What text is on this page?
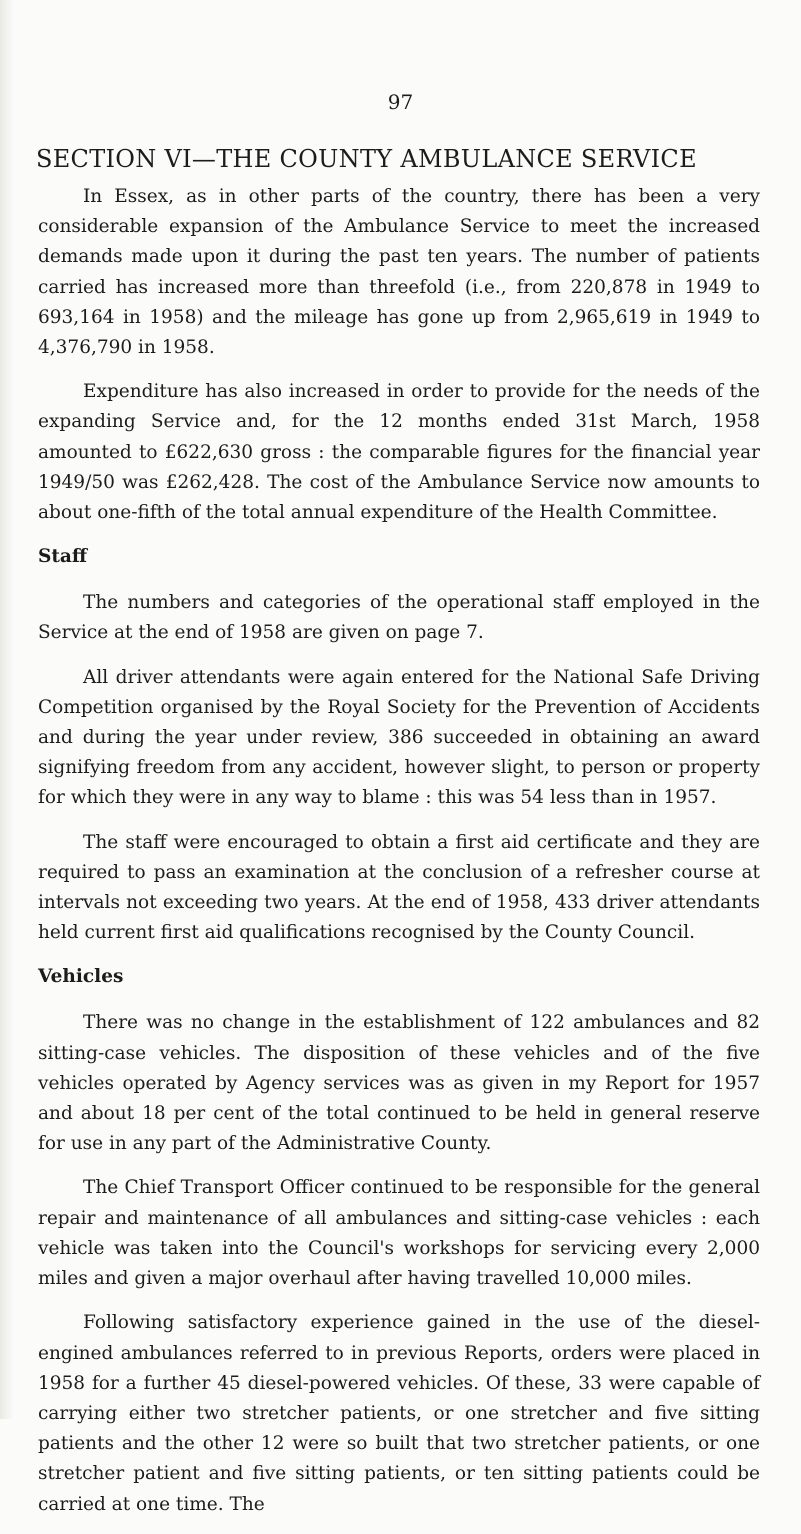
97
SECTION VI—THE COUNTY AMBULANCE SERVICE

In Essex, as in other parts of the country, there has been a very considerable expansion of the Ambulance Service to meet the increased demands made upon it during the past ten years. The number of patients carried has increased more than threefold (i.e., from 220,878 in 1949 to 693,164 in 1958) and the mileage has gone up from 2,965,619 in 1949 to 4,376,790 in 1958.

Expenditure has also increased in order to provide for the needs of the expanding Service and, for the 12 months ended 31st March, 1958 amounted to £622,630 gross : the comparable figures for the financial year 1949/50 was £262,428. The cost of the Ambulance Service now amounts to about one-fifth of the total annual expenditure of the Health Committee.

Staff

The numbers and categories of the operational staff employed in the Service at the end of 1958 are given on page 7.

All driver attendants were again entered for the National Safe Driving Competition organised by the Royal Society for the Prevention of Accidents and during the year under review, 386 succeeded in obtaining an award signifying freedom from any accident, however slight, to person or property for which they were in any way to blame : this was 54 less than in 1957.

The staff were encouraged to obtain a first aid certificate and they are required to pass an examination at the conclusion of a refresher course at intervals not exceeding two years. At the end of 1958, 433 driver attendants held current first aid qualifications recognised by the County Council.

Vehicles

There was no change in the establishment of 122 ambulances and 82 sitting-case vehicles. The disposition of these vehicles and of the five vehicles operated by Agency services was as given in my Report for 1957 and about 18 per cent of the total continued to be held in general reserve for use in any part of the Administrative County.

The Chief Transport Officer continued to be responsible for the general repair and maintenance of all ambulances and sitting-case vehicles : each vehicle was taken into the Council's workshops for servicing every 2,000 miles and given a major overhaul after having travelled 10,000 miles.

Following satisfactory experience gained in the use of the diesel-engined ambulances referred to in previous Reports, orders were placed in 1958 for a further 45 diesel-powered vehicles. Of these, 33 were capable of carrying either two stretcher patients, or one stretcher and five sitting patients and the other 12 were so built that two stretcher patients, or one stretcher patient and five sitting patients, or ten sitting patients could be carried at one time. The
